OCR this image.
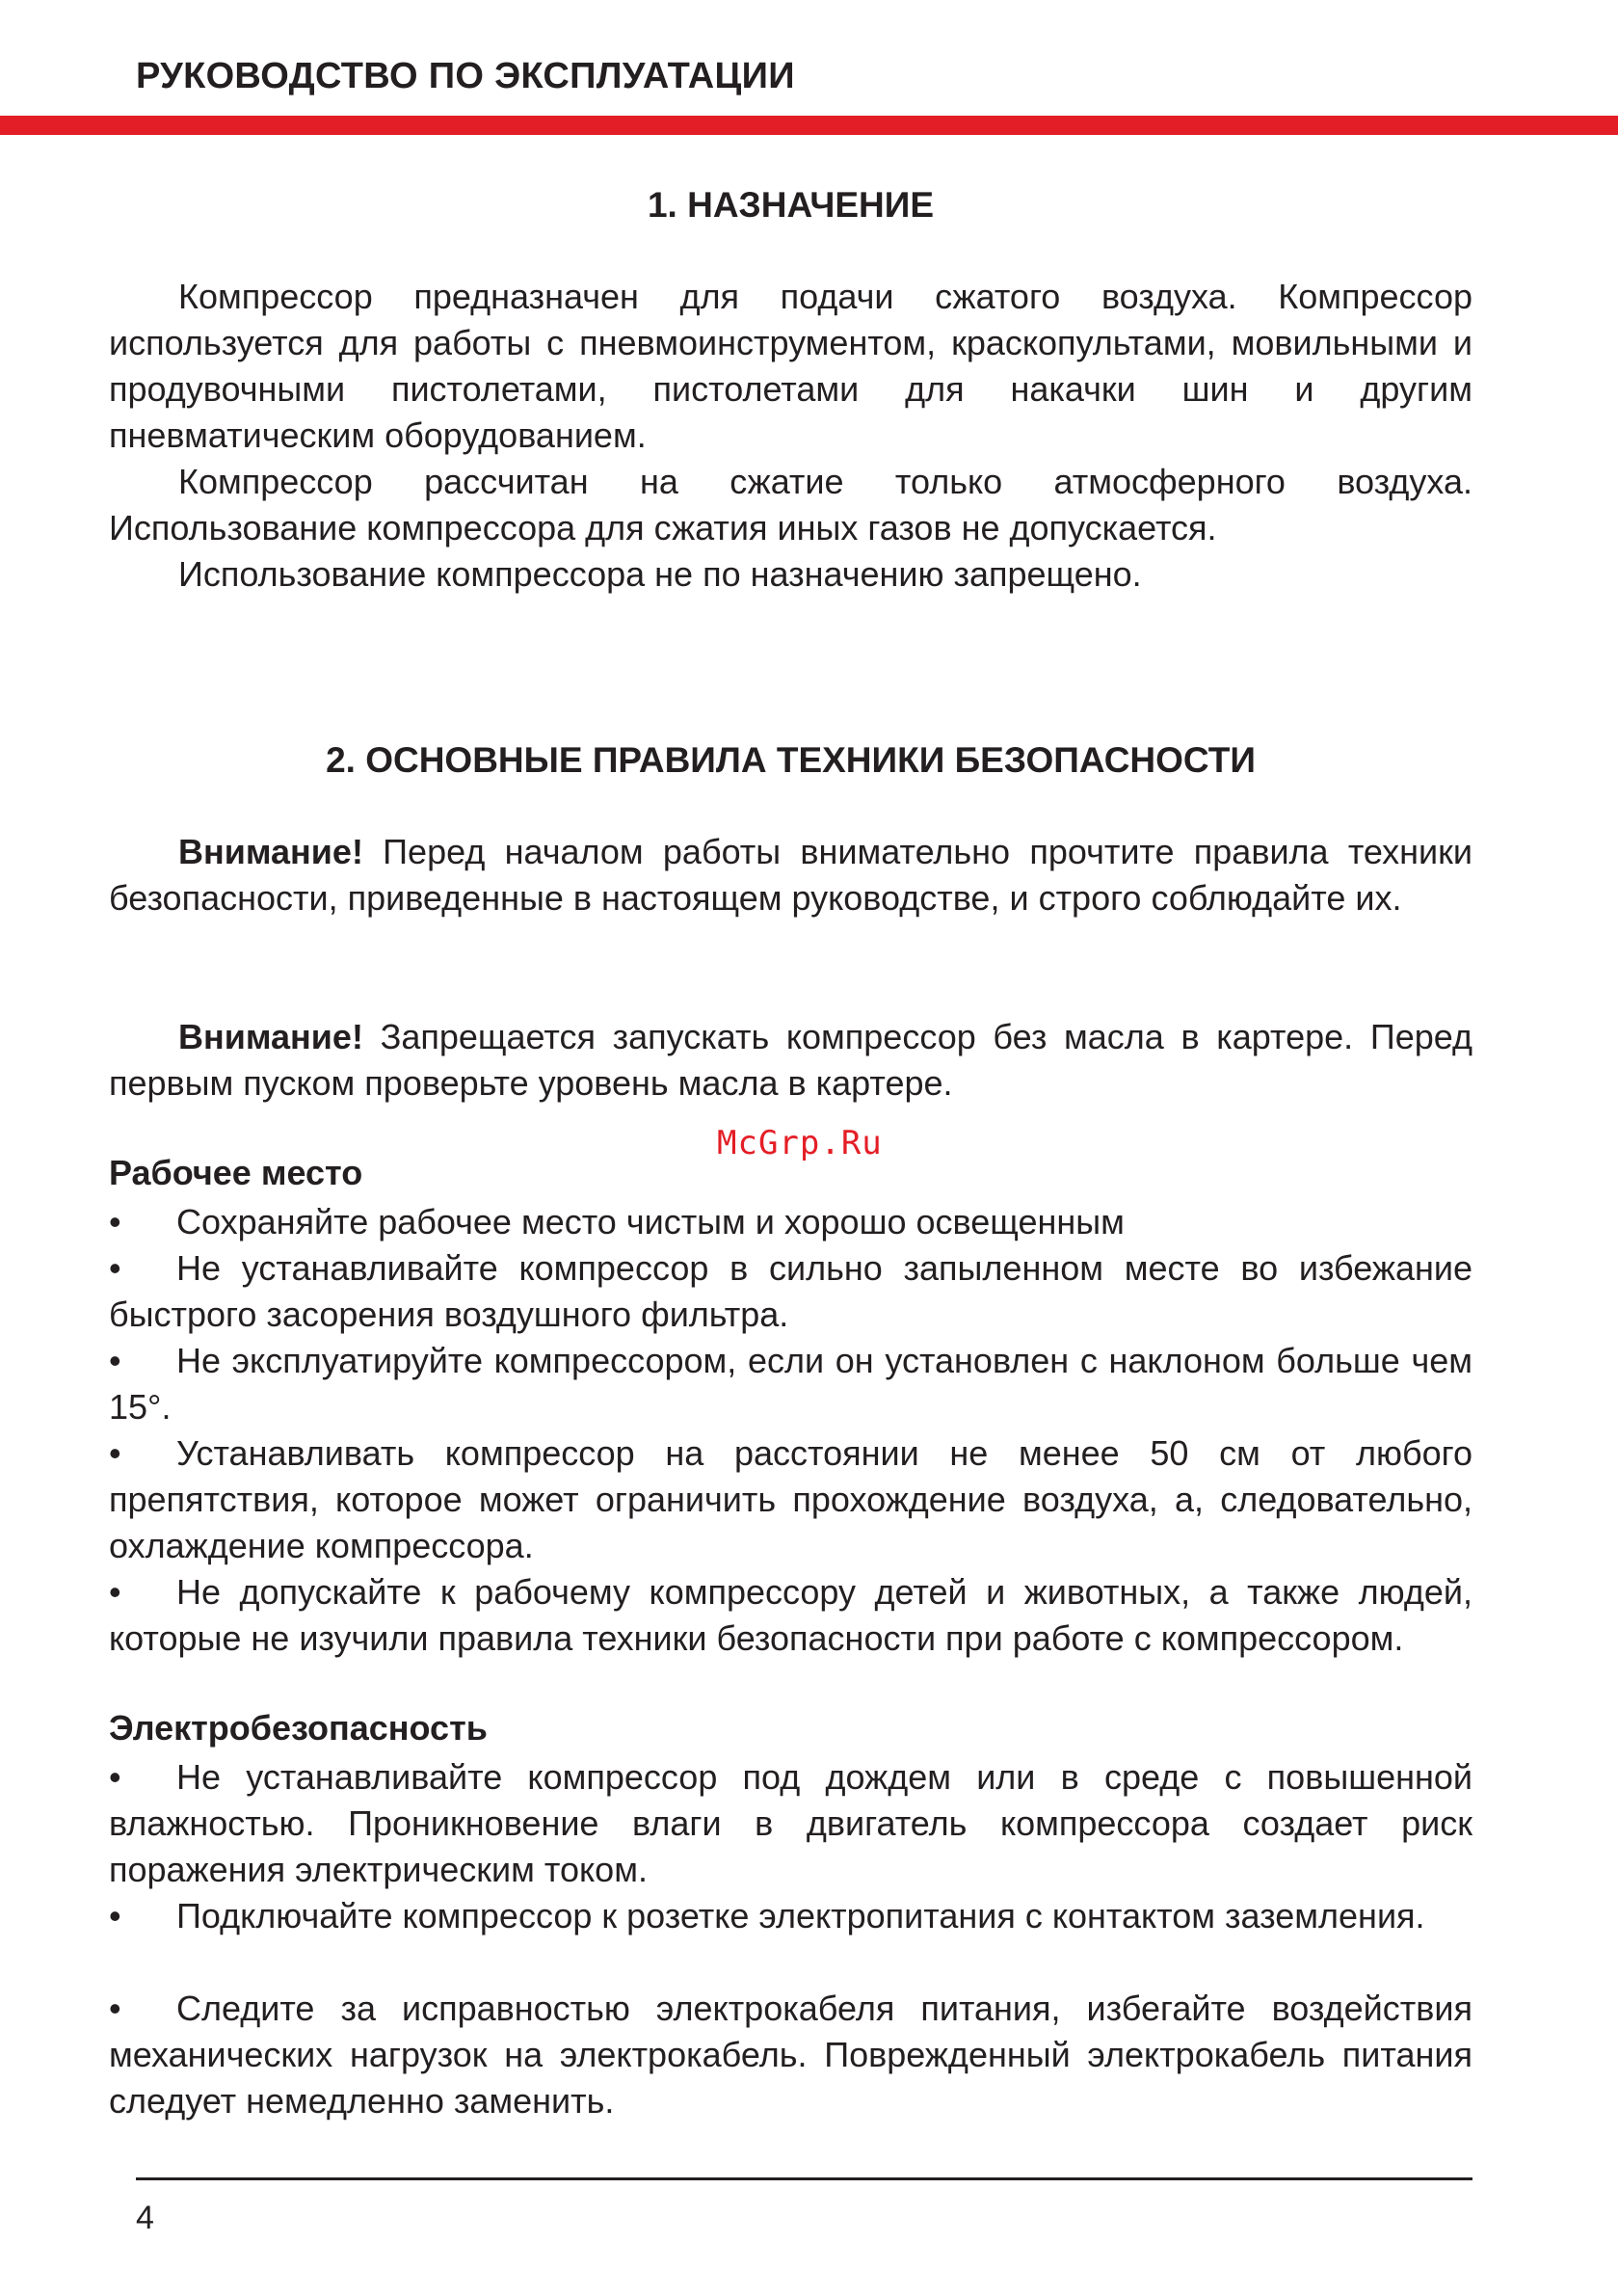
РУКОВОДСТВО ПО ЭКСПЛУАТАЦИИ
1. НАЗНАЧЕНИЕ
Компрессор предназначен для подачи сжатого воздуха. Компрессор используется для работы с пневмоинструментом, краскопультами, мовильными и продувочными пистолетами, пистолетами для накачки шин и другим пневматическим оборудованием.
Компрессор рассчитан на сжатие только атмосферного воздуха. Использование компрессора для сжатия иных газов не допускается.
Использование компрессора не по назначению запрещено.
2. ОСНОВНЫЕ ПРАВИЛА ТЕХНИКИ БЕЗОПАСНОСТИ
Внимание! Перед началом работы внимательно прочтите правила техники безопасности, приведенные в настоящем руководстве, и строго соблюдайте их.
Внимание! Запрещается запускать компрессор без масла в картере. Перед первым пуском проверьте уровень масла в картере.
Рабочее место
• Сохраняйте рабочее место чистым и хорошо освещенным
• Не устанавливайте компрессор в сильно запыленном месте во избежание быстрого засорения воздушного фильтра.
• Не эксплуатируйте компрессором, если он установлен с наклоном больше чем 15°.
• Устанавливать компрессор на расстоянии не менее 50 см от любого препятствия, которое может ограничить прохождение воздуха, а, следовательно, охлаждение компрессора.
• Не допускайте к рабочему компрессору детей и животных, а также людей, которые не изучили правила техники безопасности при работе с компрессором.
Электробезопасность
• Не устанавливайте компрессор под дождем или в среде с повышенной влажностью. Проникновение влаги в двигатель компрессора создает риск поражения электрическим током.
• Подключайте компрессор к розетке электропитания с контактом заземления.
• Следите за исправностью электрокабеля питания, избегайте воздействия механических нагрузок на электрокабель. Поврежденный электрокабель питания следует немедленно заменить.
McGrp.Ru
4
